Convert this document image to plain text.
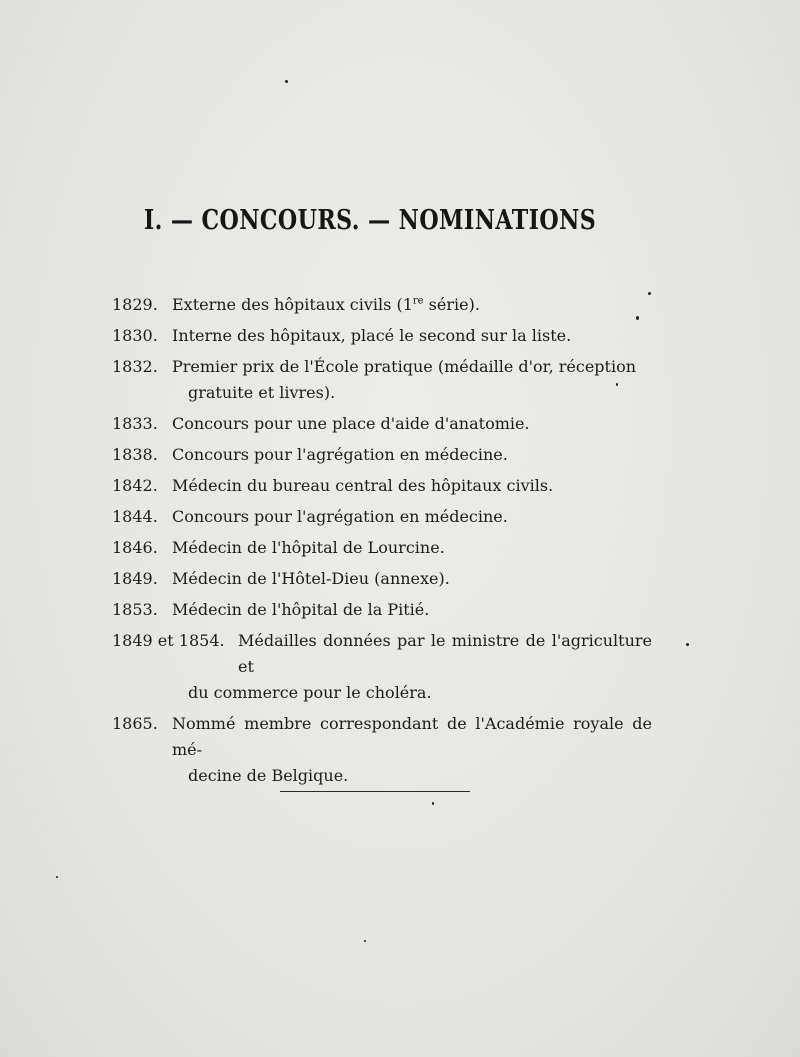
I. — CONCOURS. — NOMINATIONS
1829. Externe des hôpitaux civils (1re série).
1830. Interne des hôpitaux, placé le second sur la liste.
1832. Premier prix de l'École pratique (médaille d'or, réception
gratuite et livres).
1833. Concours pour une place d'aide d'anatomie.
1838. Concours pour l'agrégation en médecine.
1842. Médecin du bureau central des hôpitaux civils.
1844. Concours pour l'agrégation en médecine.
1846. Médecin de l'hôpital de Lourcine.
1849. Médecin de l'Hôtel-Dieu (annexe).
1853. Médecin de l'hôpital de la Pitié.
1849 et 1854. Médailles données par le ministre de l'agriculture et
du commerce pour le choléra.
1865. Nommé membre correspondant de l'Académie royale de mé-
decine de Belgique.
